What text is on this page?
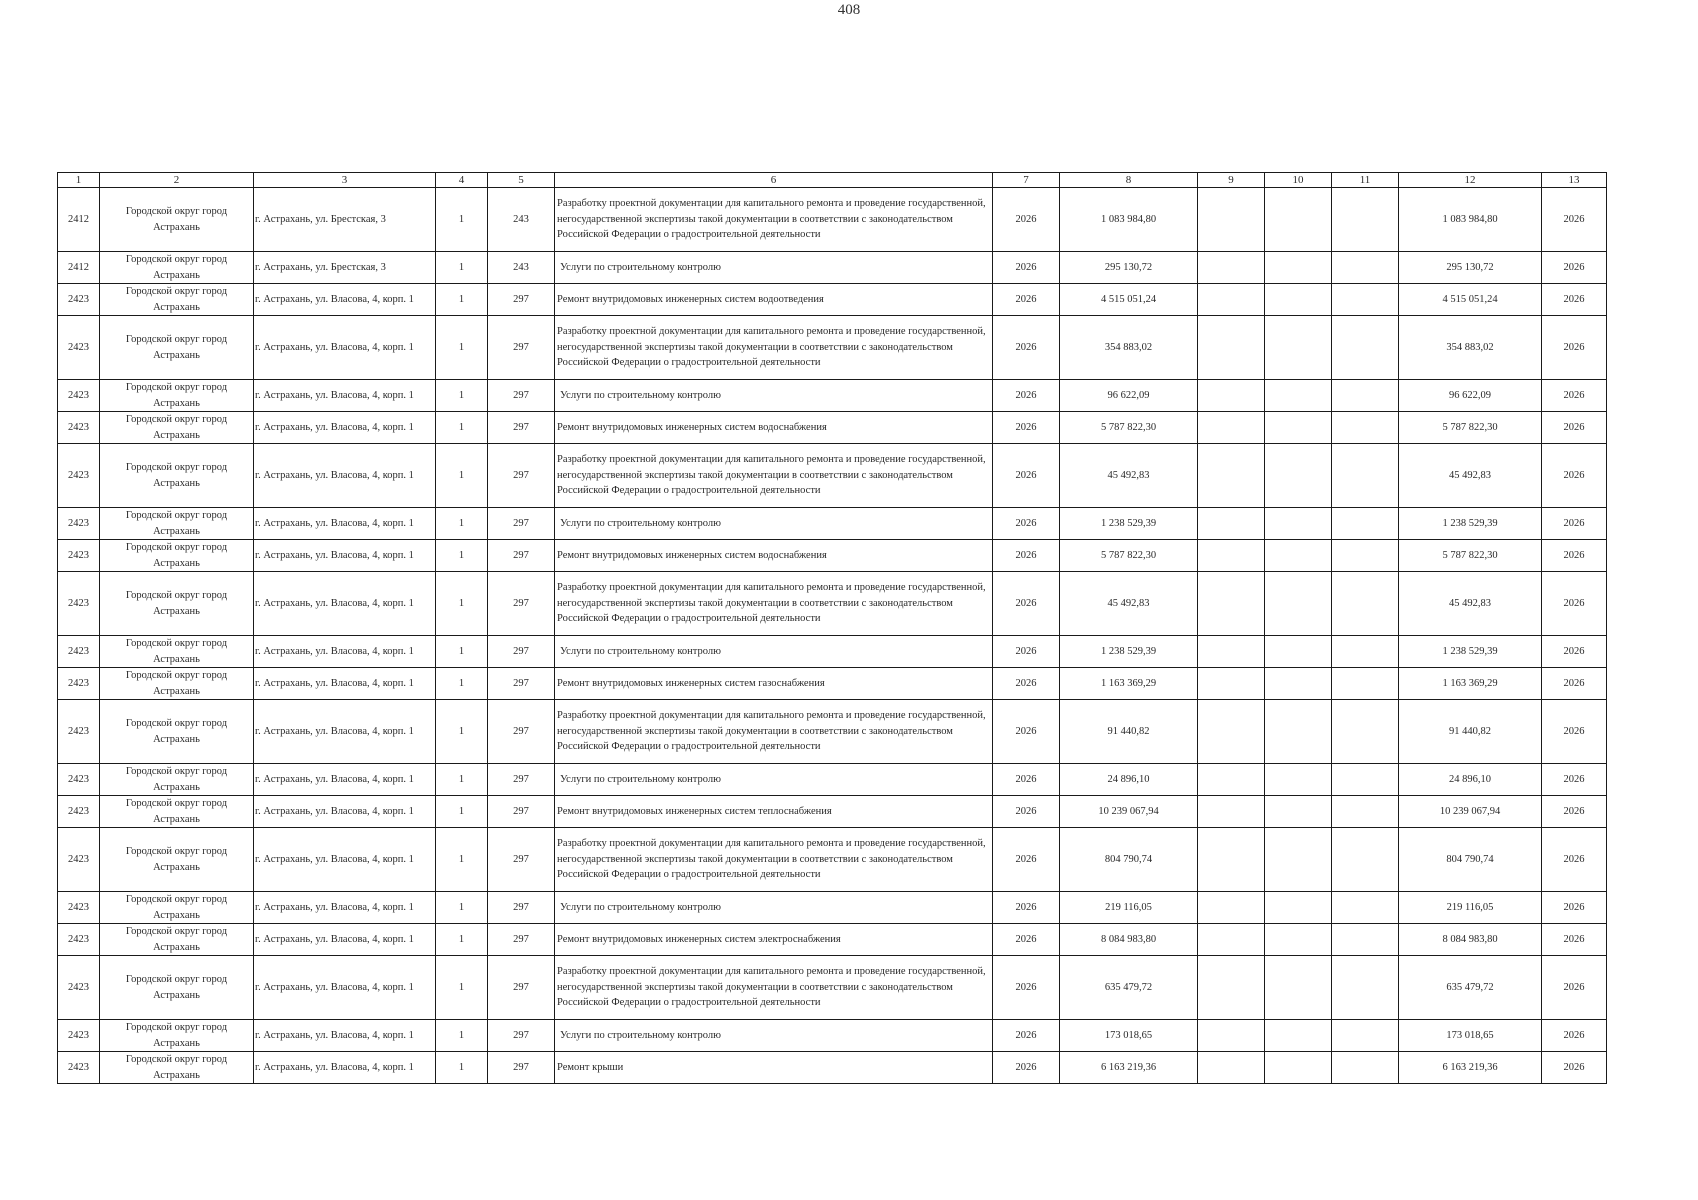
408
1	2	3	4	5	6	7	8	9	10	11	12	13
2412	Городской округ город Астрахань	г. Астрахань, ул. Брестская, 3	1	243	Разработку проектной документации для капитального ремонта и проведение государственной, негосударственной экспертизы такой документации в соответствии с законодательством Российской Федерации о градостроительной деятельности	2026	1 083 984,80				1 083 984,80	2026
2412	Городской округ город Астрахань	г. Астрахань, ул. Брестская, 3	1	243	Услуги по строительному контролю	2026	295 130,72				295 130,72	2026
2423	Городской округ город Астрахань	г. Астрахань, ул. Власова, 4, корп. 1	1	297	Ремонт внутридомовых инженерных систем водоотведения	2026	4 515 051,24				4 515 051,24	2026
2423	Городской округ город Астрахань	г. Астрахань, ул. Власова, 4, корп. 1	1	297	Разработку проектной документации для капитального ремонта и проведение государственной, негосударственной экспертизы такой документации в соответствии с законодательством Российской Федерации о градостроительной деятельности	2026	354 883,02				354 883,02	2026
2423	Городской округ город Астрахань	г. Астрахань, ул. Власова, 4, корп. 1	1	297	Услуги по строительному контролю	2026	96 622,09				96 622,09	2026
2423	Городской округ город Астрахань	г. Астрахань, ул. Власова, 4, корп. 1	1	297	Ремонт внутридомовых инженерных систем водоснабжения	2026	5 787 822,30				5 787 822,30	2026
2423	Городской округ город Астрахань	г. Астрахань, ул. Власова, 4, корп. 1	1	297	Разработку проектной документации для капитального ремонта и проведение государственной, негосударственной экспертизы такой документации в соответствии с законодательством Российской Федерации о градостроительной деятельности	2026	45 492,83				45 492,83	2026
2423	Городской округ город Астрахань	г. Астрахань, ул. Власова, 4, корп. 1	1	297	Услуги по строительному контролю	2026	1 238 529,39				1 238 529,39	2026
2423	Городской округ город Астрахань	г. Астрахань, ул. Власова, 4, корп. 1	1	297	Ремонт внутридомовых инженерных систем водоснабжения	2026	5 787 822,30				5 787 822,30	2026
2423	Городской округ город Астрахань	г. Астрахань, ул. Власова, 4, корп. 1	1	297	Разработку проектной документации для капитального ремонта и проведение государственной, негосударственной экспертизы такой документации в соответствии с законодательством Российской Федерации о градостроительной деятельности	2026	45 492,83				45 492,83	2026
2423	Городской округ город Астрахань	г. Астрахань, ул. Власова, 4, корп. 1	1	297	Услуги по строительному контролю	2026	1 238 529,39				1 238 529,39	2026
2423	Городской округ город Астрахань	г. Астрахань, ул. Власова, 4, корп. 1	1	297	Ремонт внутридомовых инженерных систем газоснабжения	2026	1 163 369,29				1 163 369,29	2026
2423	Городской округ город Астрахань	г. Астрахань, ул. Власова, 4, корп. 1	1	297	Разработку проектной документации для капитального ремонта и проведение государственной, негосударственной экспертизы такой документации в соответствии с законодательством Российской Федерации о градостроительной деятельности	2026	91 440,82				91 440,82	2026
2423	Городской округ город Астрахань	г. Астрахань, ул. Власова, 4, корп. 1	1	297	Услуги по строительному контролю	2026	24 896,10				24 896,10	2026
2423	Городской округ город Астрахань	г. Астрахань, ул. Власова, 4, корп. 1	1	297	Ремонт внутридомовых инженерных систем теплоснабжения	2026	10 239 067,94				10 239 067,94	2026
2423	Городской округ город Астрахань	г. Астрахань, ул. Власова, 4, корп. 1	1	297	Разработку проектной документации для капитального ремонта и проведение государственной, негосударственной экспертизы такой документации в соответствии с законодательством Российской Федерации о градостроительной деятельности	2026	804 790,74				804 790,74	2026
2423	Городской округ город Астрахань	г. Астрахань, ул. Власова, 4, корп. 1	1	297	Услуги по строительному контролю	2026	219 116,05				219 116,05	2026
2423	Городской округ город Астрахань	г. Астрахань, ул. Власова, 4, корп. 1	1	297	Ремонт внутридомовых инженерных систем электроснабжения	2026	8 084 983,80				8 084 983,80	2026
2423	Городской округ город Астрахань	г. Астрахань, ул. Власова, 4, корп. 1	1	297	Разработку проектной документации для капитального ремонта и проведение государственной, негосударственной экспертизы такой документации в соответствии с законодательством Российской Федерации о градостроительной деятельности	2026	635 479,72				635 479,72	2026
2423	Городской округ город Астрахань	г. Астрахань, ул. Власова, 4, корп. 1	1	297	Услуги по строительному контролю	2026	173 018,65				173 018,65	2026
2423	Городской округ город Астрахань	г. Астрахань, ул. Власова, 4, корп. 1	1	297	Ремонт крыши	2026	6 163 219,36				6 163 219,36	2026
